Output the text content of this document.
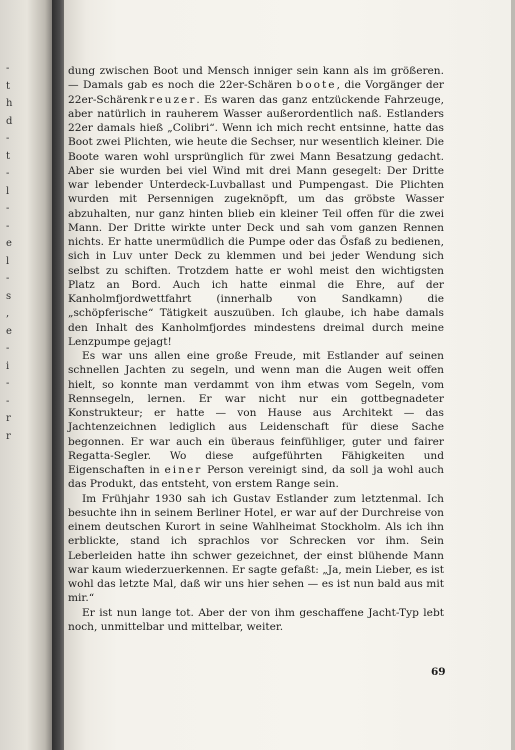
-
t
h
d
-
t
-
l
-
-
e
l
-
s
,
e
-
i
-
-
r
r

dung zwischen Boot und Mensch inniger sein kann als im größeren. — Damals gab es noch die 22er-Schären boote, die Vorgänger der 22er-Schärenkreuzer. Es waren das ganz entzückende Fahrzeuge, aber natürlich in rauherem Wasser außerordentlich naß. Estlanders 22er damals hieß „Colibri“. Wenn ich mich recht entsinne, hatte das Boot zwei Plichten, wie heute die Sechser, nur wesentlich kleiner. Die Boote waren wohl ursprünglich für zwei Mann Besatzung gedacht. Aber sie wurden bei viel Wind mit drei Mann gesegelt: Der Dritte war lebender Unterdeck-Luvballast und Pumpengast. Die Plichten wurden mit Persennigen zugeknöpft, um das gröbste Wasser abzuhalten, nur ganz hinten blieb ein kleiner Teil offen für die zwei Mann. Der Dritte wirkte unter Deck und sah vom ganzen Rennen nichts. Er hatte unermüdlich die Pumpe oder das Ösfaß zu bedienen, sich in Luv unter Deck zu klemmen und bei jeder Wendung sich selbst zu schiften. Trotzdem hatte er wohl meist den wichtigsten Platz an Bord. Auch ich hatte einmal die Ehre, auf der Kanholmfjordwettfahrt (innerhalb von Sandkamn) die „schöpferische“ Tätigkeit auszuüben. Ich glaube, ich habe damals den Inhalt des Kanholmfjordes mindestens dreimal durch meine Lenzpumpe gejagt!

Es war uns allen eine große Freude, mit Estlander auf seinen schnellen Jachten zu segeln, und wenn man die Augen weit offen hielt, so konnte man verdammt von ihm etwas vom Segeln, vom Rennsegeln, lernen. Er war nicht nur ein gottbegnadeter Konstrukteur; er hatte — von Hause aus Architekt — das Jachtenzeichnen lediglich aus Leidenschaft für diese Sache begonnen. Er war auch ein überaus feinfühliger, guter und fairer Regatta-Segler. Wo diese aufgeführten Fähigkeiten und Eigenschaften in einer Person vereinigt sind, da soll ja wohl auch das Produkt, das entsteht, von erstem Range sein.

Im Frühjahr 1930 sah ich Gustav Estlander zum letztenmal. Ich besuchte ihn in seinem Berliner Hotel, er war auf der Durchreise von einem deutschen Kurort in seine Wahlheimat Stockholm. Als ich ihn erblickte, stand ich sprachlos vor Schrecken vor ihm. Sein Leberleiden hatte ihn schwer gezeichnet, der einst blühende Mann war kaum wiederzuerkennen. Er sagte gefaßt: „Ja, mein Lieber, es ist wohl das letzte Mal, daß wir uns hier sehen — es ist nun bald aus mit mir.“

Er ist nun lange tot. Aber der von ihm geschaffene Jacht-Typ lebt noch, unmittelbar und mittelbar, weiter.

69
